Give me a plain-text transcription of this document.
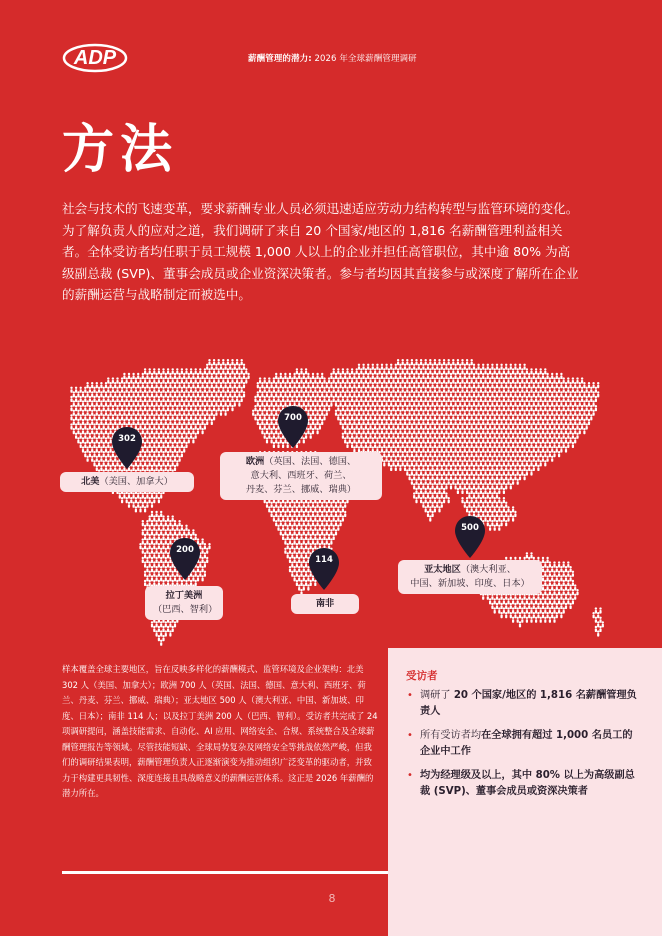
ADP	薪酬管理的潜力: 2026 年全球薪酬管理调研
方法

社会与技术的飞速变革，要求薪酬专业人员必须迅速适应劳动力结构转型与监管环境的变化。为了解负责人的应对之道，我们调研了来自 20 个国家/地区的 1,816 名薪酬管理利益相关者。全体受访者均任职于员工规模 1,000 人以上的企业并担任高管职位，其中逾 80% 为高级副总裁 (SVP)、董事会成员或企业资深决策者。参与者均因其直接参与或深度了解所在企业的薪酬运营与战略制定而被选中。

302
700
200
114
500
北美（美国、加拿大）
欧洲（英国、法国、德国、
意大利、西班牙、荷兰、
丹麦、芬兰、挪威、瑞典）
拉丁美洲
（巴西、智利）
南非
亚太地区（澳大利亚、
中国、新加坡、印度、日本）

样本覆盖全球主要地区，旨在反映多样化的薪酬模式、监管环境及企业架构：北美 302 人（美国、加拿大）；欧洲 700 人（英国、法国、德国、意大利、西班牙、荷兰、丹麦、芬兰、挪威、瑞典）；亚太地区 500 人（澳大利亚、中国、新加坡、印度、日本）；南非 114 人；以及拉丁美洲 200 人（巴西、智利）。受访者共完成了 24 项调研提问，涵盖技能需求、自动化、AI 应用、网络安全、合规、系统整合及全球薪酬管理报告等领域。尽管技能短缺、全球局势复杂及网络安全等挑战依然严峻，但我们的调研结果表明，薪酬管理负责人正逐渐演变为推动组织广泛变革的驱动者，并致力于构建更具韧性、深度连接且具战略意义的薪酬运营体系。这正是 2026 年薪酬的潜力所在。

受访者
• 调研了 20 个国家/地区的 1,816 名薪酬管理负责人
• 所有受访者均在全球拥有超过 1,000 名员工的企业中工作
• 均为经理级及以上，其中 80% 以上为高级副总裁 (SVP)、董事会成员或资深决策者
8
